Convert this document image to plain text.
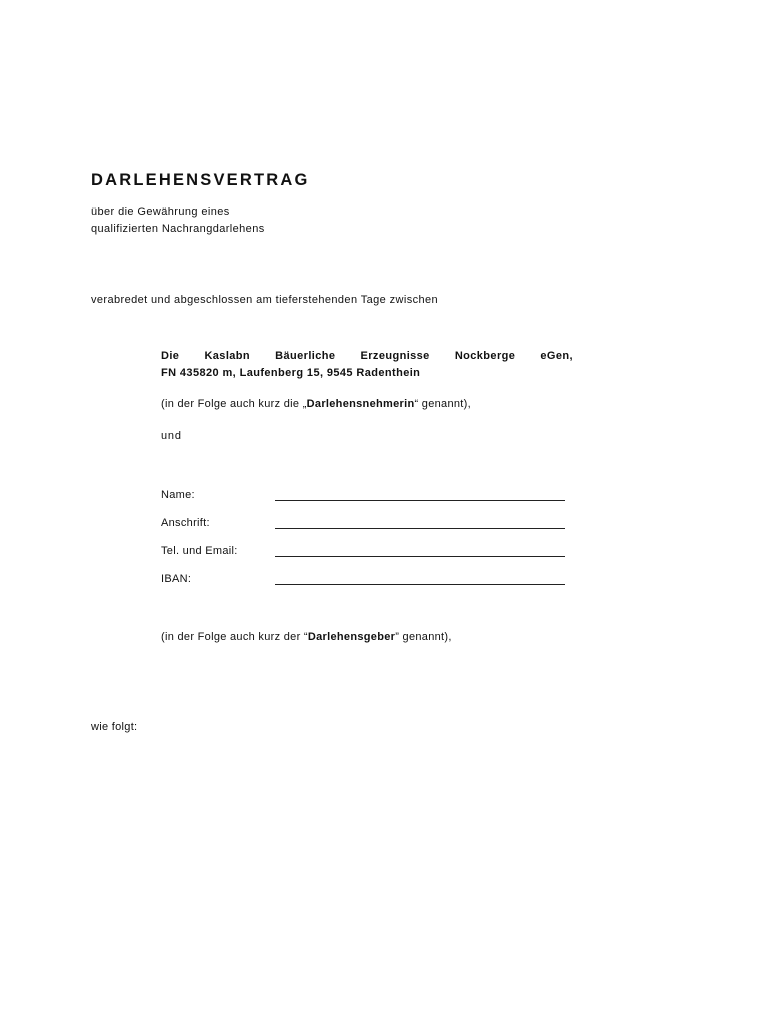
DARLEHENSVERTRAG
über die Gewährung eines
qualifizierten Nachrangdarlehens
verabredet und abgeschlossen am tieferstehenden Tage zwischen
Die Kaslabn Bäuerliche Erzeugnisse Nockberge eGen,
FN 435820 m, Laufenberg 15, 9545 Radenthein
(in der Folge auch kurz die „Darlehensnehmerin“ genannt),
und
Name:
Anschrift:
Tel. und Email:
IBAN:
(in der Folge auch kurz der “Darlehensgeber” genannt),
wie folgt:
